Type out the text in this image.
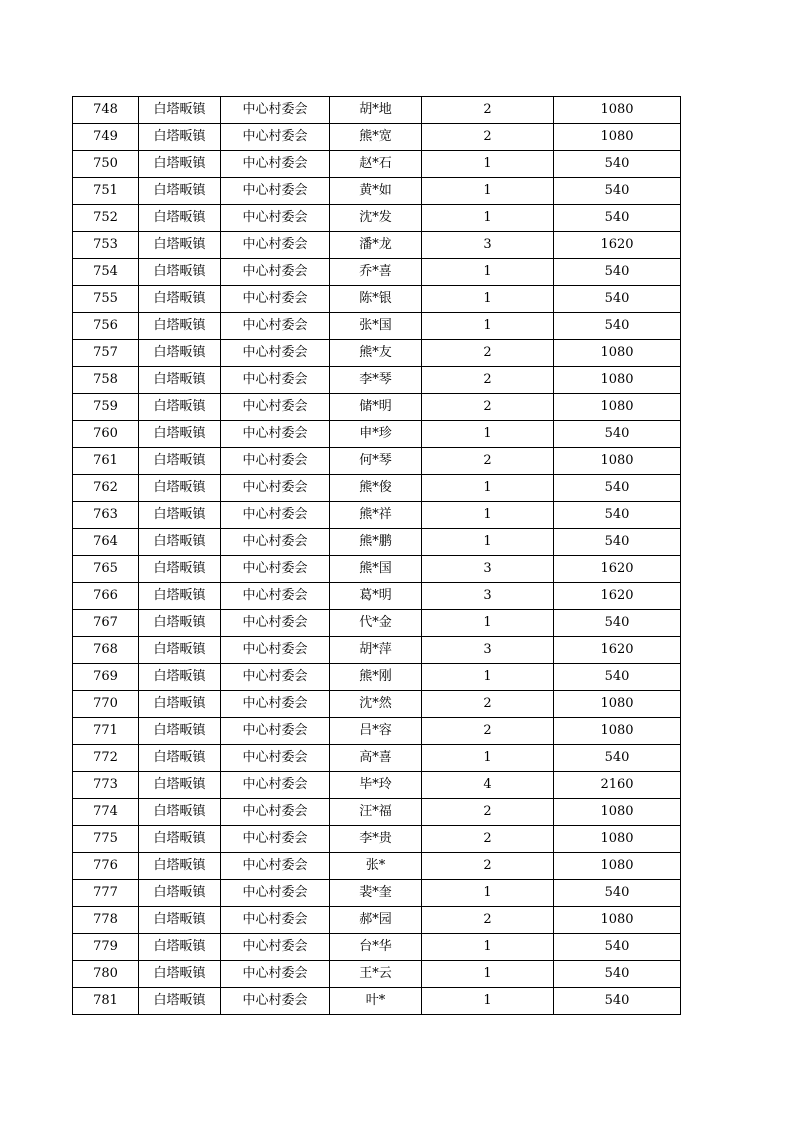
748	白塔畈镇	中心村委会	胡*地	2	1080
749	白塔畈镇	中心村委会	熊*宽	2	1080
750	白塔畈镇	中心村委会	赵*石	1	540
751	白塔畈镇	中心村委会	黄*如	1	540
752	白塔畈镇	中心村委会	沈*发	1	540
753	白塔畈镇	中心村委会	潘*龙	3	1620
754	白塔畈镇	中心村委会	乔*喜	1	540
755	白塔畈镇	中心村委会	陈*银	1	540
756	白塔畈镇	中心村委会	张*国	1	540
757	白塔畈镇	中心村委会	熊*友	2	1080
758	白塔畈镇	中心村委会	李*琴	2	1080
759	白塔畈镇	中心村委会	储*明	2	1080
760	白塔畈镇	中心村委会	申*珍	1	540
761	白塔畈镇	中心村委会	何*琴	2	1080
762	白塔畈镇	中心村委会	熊*俊	1	540
763	白塔畈镇	中心村委会	熊*祥	1	540
764	白塔畈镇	中心村委会	熊*鹏	1	540
765	白塔畈镇	中心村委会	熊*国	3	1620
766	白塔畈镇	中心村委会	葛*明	3	1620
767	白塔畈镇	中心村委会	代*金	1	540
768	白塔畈镇	中心村委会	胡*萍	3	1620
769	白塔畈镇	中心村委会	熊*刚	1	540
770	白塔畈镇	中心村委会	沈*然	2	1080
771	白塔畈镇	中心村委会	吕*容	2	1080
772	白塔畈镇	中心村委会	高*喜	1	540
773	白塔畈镇	中心村委会	毕*玲	4	2160
774	白塔畈镇	中心村委会	汪*福	2	1080
775	白塔畈镇	中心村委会	李*贵	2	1080
776	白塔畈镇	中心村委会	张*	2	1080
777	白塔畈镇	中心村委会	裴*奎	1	540
778	白塔畈镇	中心村委会	郝*园	2	1080
779	白塔畈镇	中心村委会	台*华	1	540
780	白塔畈镇	中心村委会	王*云	1	540
781	白塔畈镇	中心村委会	叶*	1	540
